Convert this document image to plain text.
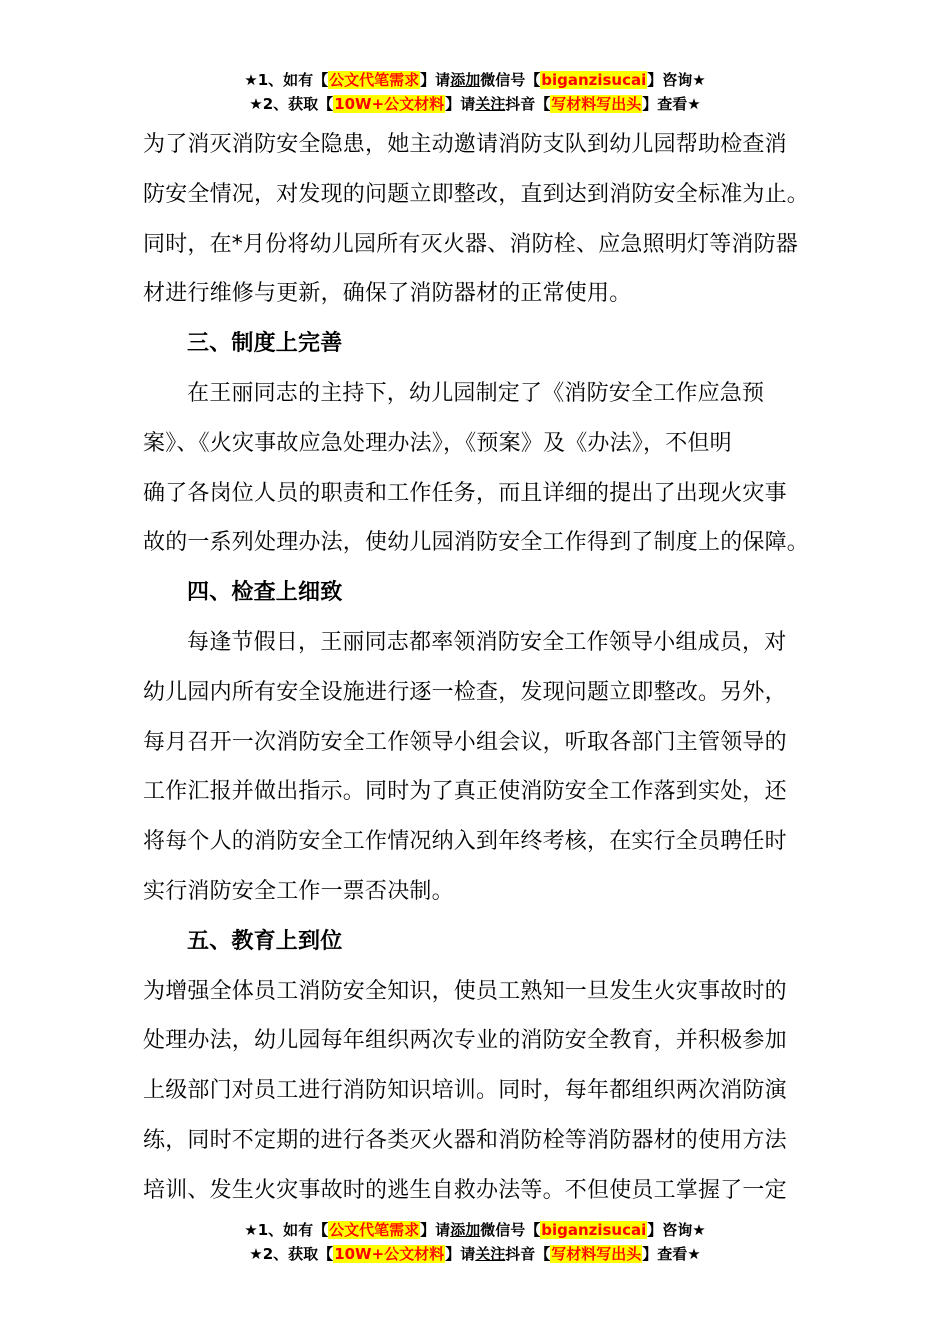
★1、如有【公文代笔需求】请添加微信号【biganzisucai】咨询★
★2、获取【10W+公文材料】请关注抖音【写材料写出头】查看★
为了消灭消防安全隐患，她主动邀请消防支队到幼儿园帮助检查消
防安全情况，对发现的问题立即整改，直到达到消防安全标准为止。
同时，在*月份将幼儿园所有灭火器、消防栓、应急照明灯等消防器
材进行维修与更新，确保了消防器材的正常使用。
三、制度上完善
在王丽同志的主持下，幼儿园制定了《消防安全工作应急预
案》、《火灾事故应急处理办法》，《预案》及《办法》，不但明
确了各岗位人员的职责和工作任务，而且详细的提出了出现火灾事
故的一系列处理办法，使幼儿园消防安全工作得到了制度上的保障。
四、检查上细致
每逢节假日，王丽同志都率领消防安全工作领导小组成员，对
幼儿园内所有安全设施进行逐一检查，发现问题立即整改。另外，
每月召开一次消防安全工作领导小组会议，听取各部门主管领导的
工作汇报并做出指示。同时为了真正使消防安全工作落到实处，还
将每个人的消防安全工作情况纳入到年终考核，在实行全员聘任时
实行消防安全工作一票否决制。
五、教育上到位
为增强全体员工消防安全知识，使员工熟知一旦发生火灾事故时的
处理办法，幼儿园每年组织两次专业的消防安全教育，并积极参加
上级部门对员工进行消防知识培训。同时，每年都组织两次消防演
练，同时不定期的进行各类灭火器和消防栓等消防器材的使用方法
培训、发生火灾事故时的逃生自救办法等。不但使员工掌握了一定
★1、如有【公文代笔需求】请添加微信号【biganzisucai】咨询★
★2、获取【10W+公文材料】请关注抖音【写材料写出头】查看★
